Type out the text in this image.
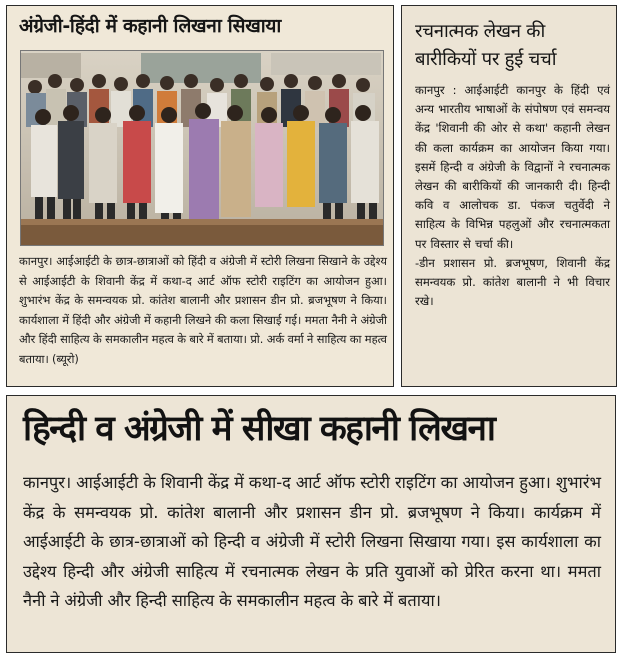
अंग्रेजी-हिंदी में कहानी लिखना सिखाया
कानपुर। आईआईटी के छात्र-छात्राओं को हिंदी व अंग्रेजी में स्टोरी लिखना सिखाने के उद्देश्य से आईआईटी के शिवानी केंद्र में कथा-द आर्ट ऑफ स्टोरी राइटिंग का आयोजन हुआ। शुभारंभ केंद्र के समन्वयक प्रो. कांतेश बालानी और प्रशासन डीन प्रो. ब्रजभूषण ने किया। कार्यशाला में हिंदी और अंग्रेजी में कहानी लिखने की कला सिखाई गई। ममता नैनी ने अंग्रेजी और हिंदी साहित्य के समकालीन महत्व के बारे में बताया। प्रो. अर्क वर्मा ने साहित्य का महत्व बताया। (ब्यूरो)
रचनात्मक लेखन की बारीकियों पर हुई चर्चा

कानपुर : आईआईटी कानपुर के हिंदी एवं अन्य भारतीय भाषाओं के संपोषण एवं समन्वय केंद्र 'शिवानी की ओर से कथा' कहानी लेखन की कला कार्यक्रम का आयोजन किया गया। इसमें हिन्दी व अंग्रेजी के विद्वानों ने रचनात्मक लेखन की बारीकियों की जानकारी दी। हिन्दी कवि व आलोचक डा. पंकज चतुर्वेदी ने साहित्य के विभिन्न पहलुओं और रचनात्मकता पर विस्तार से चर्चा की।

-डीन प्रशासन प्रो. ब्रजभूषण, शिवानी केंद्र समन्वयक प्रो. कांतेश बालानी ने भी विचार रखे।

हिन्दी व अंग्रेजी में सीखा कहानी लिखना
कानपुर। आईआईटी के शिवानी केंद्र में कथा-द आर्ट ऑफ स्टोरी राइटिंग का आयोजन हुआ। शुभारंभ केंद्र के समन्वयक प्रो. कांतेश बालानी और प्रशासन डीन प्रो. ब्रजभूषण ने किया। कार्यक्रम में आईआईटी के छात्र-छात्राओं को हिन्दी व अंग्रेजी में स्टोरी लिखना सिखाया गया। इस कार्यशाला का उद्देश्य हिन्दी और अंग्रेजी साहित्य में रचनात्मक लेखन के प्रति युवाओं को प्रेरित करना था। ममता नैनी ने अंग्रेजी और हिन्दी साहित्य के समकालीन महत्व के बारे में बताया।
